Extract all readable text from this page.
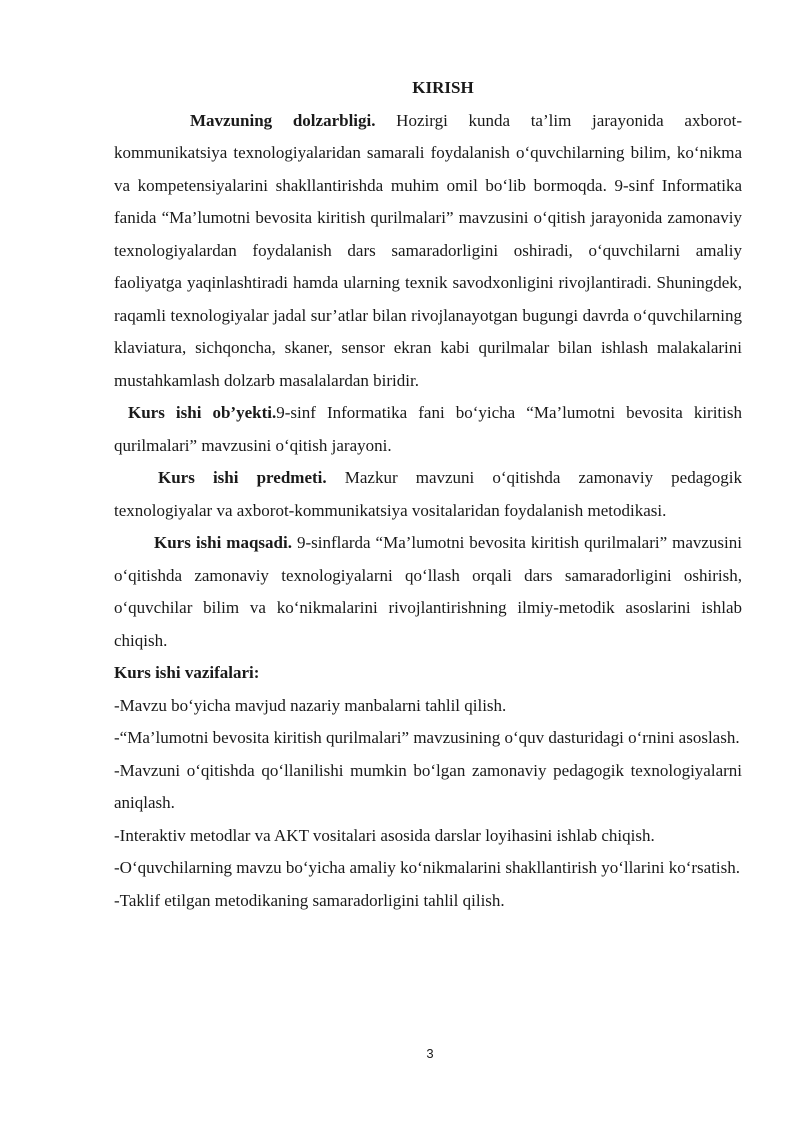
KIRISH

Mavzuning dolzarbligi. Hozirgi kunda ta’lim jarayonida axborot-kommunikatsiya texnologiyalaridan samarali foydalanish o‘quvchilarning bilim, ko‘nikma va kompetensiyalarini shakllantirishda muhim omil bo‘lib bormoqda. 9-sinf Informatika fanida “Ma’lumotni bevosita kiritish qurilmalari” mavzusini o‘qitish jarayonida zamonaviy texnologiyalardan foydalanish dars samaradorligini oshiradi, o‘quvchilarni amaliy faoliyatga yaqinlashtiradi hamda ularning texnik savodxonligini rivojlantiradi. Shuningdek, raqamli texnologiyalar jadal sur’atlar bilan rivojlanayotgan bugungi davrda o‘quvchilarning klaviatura, sichqoncha, skaner, sensor ekran kabi qurilmalar bilan ishlash malakalarini mustahkamlash dolzarb masalalardan biridir.

Kurs ishi ob’yekti.9-sinf Informatika fani bo‘yicha “Ma’lumotni bevosita kiritish qurilmalari” mavzusini o‘qitish jarayoni.

Kurs ishi predmeti. Mazkur mavzuni o‘qitishda zamonaviy pedagogik texnologiyalar va axborot-kommunikatsiya vositalaridan foydalanish metodikasi.

Kurs ishi maqsadi. 9-sinflarda “Ma’lumotni bevosita kiritish qurilmalari” mavzusini o‘qitishda zamonaviy texnologiyalarni qo‘llash orqali dars samaradorligini oshirish, o‘quvchilar bilim va ko‘nikmalarini rivojlantirishning ilmiy-metodik asoslarini ishlab chiqish.

Kurs ishi vazifalari:

-Mavzu bo‘yicha mavjud nazariy manbalarni tahlil qilish.

-“Ma’lumotni bevosita kiritish qurilmalari” mavzusining o‘quv dasturidagi o‘rnini asoslash.

-Mavzuni o‘qitishda qo‘llanilishi mumkin bo‘lgan zamonaviy pedagogik texnologiyalarni aniqlash.

-Interaktiv metodlar va AKT vositalari asosida darslar loyihasini ishlab chiqish.

-O‘quvchilarning mavzu bo‘yicha amaliy ko‘nikmalarini shakllantirish yo‘llarini ko‘rsatish.

-Taklif etilgan metodikaning samaradorligini tahlil qilish.

3
